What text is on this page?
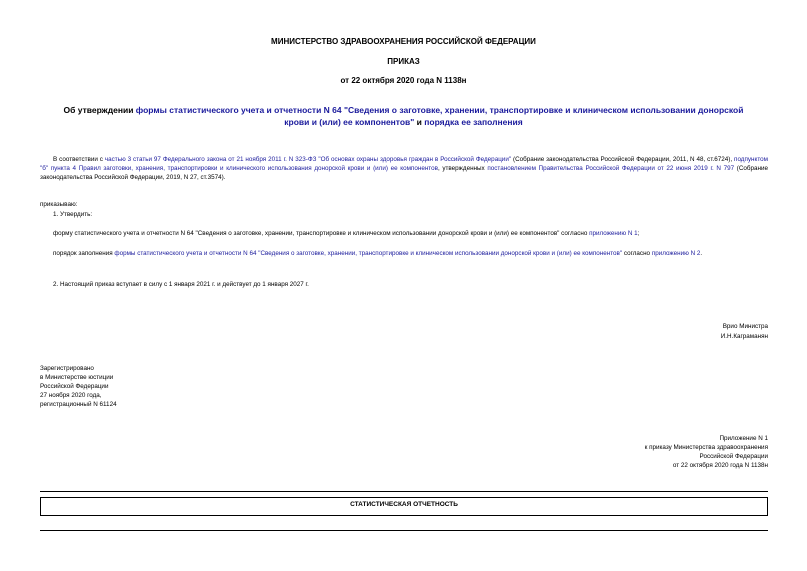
МИНИСТЕРСТВО ЗДРАВООХРАНЕНИЯ РОССИЙСКОЙ ФЕДЕРАЦИИ
ПРИКАЗ
от 22 октября 2020 года N 1138н
Об утверждении формы статистического учета и отчетности N 64 "Сведения о заготовке, хранении, транспортировке и клиническом использовании донорской крови и (или) ее компонентов" и порядка ее заполнения
В соответствии с частью 3 статьи 97 Федерального закона от 21 ноября 2011 г. N 323-ФЗ "Об основах охраны здоровья граждан в Российской Федерации" (Собрание законодательства Российской Федерации, 2011, N 48, ст.6724), подпунктом "б" пункта 4 Правил заготовки, хранения, транспортировки и клинического использования донорской крови и (или) ее компонентов, утвержденных постановлением Правительства Российской Федерации от 22 июня 2019 г. N 797 (Собрание законодательства Российской Федерации, 2019, N 27, ст.3574).
приказываю:
1. Утвердить:
форму статистического учета и отчетности N 64 "Сведения о заготовке, хранении, транспортировке и клиническом использовании донорской крови и (или) ее компонентов" согласно приложению N 1;
порядок заполнения формы статистического учета и отчетности N 64 "Сведения о заготовке, хранении, транспортировке и клиническом использовании донорской крови и (или) ее компонентов" согласно приложению N 2.
2. Настоящий приказ вступает в силу с 1 января 2021 г. и действует до 1 января 2027 г.
Врио Министра
И.Н.Каграманян
Зарегистрировано
в Министерстве юстиции
Российской Федерации
27 ноября 2020 года,
регистрационный N 61124
Приложение N 1
к приказу Министерства здравоохранения
Российской Федерации
от 22 октября 2020 года N 1138н
СТАТИСТИЧЕСКАЯ ОТЧЕТНОСТЬ
